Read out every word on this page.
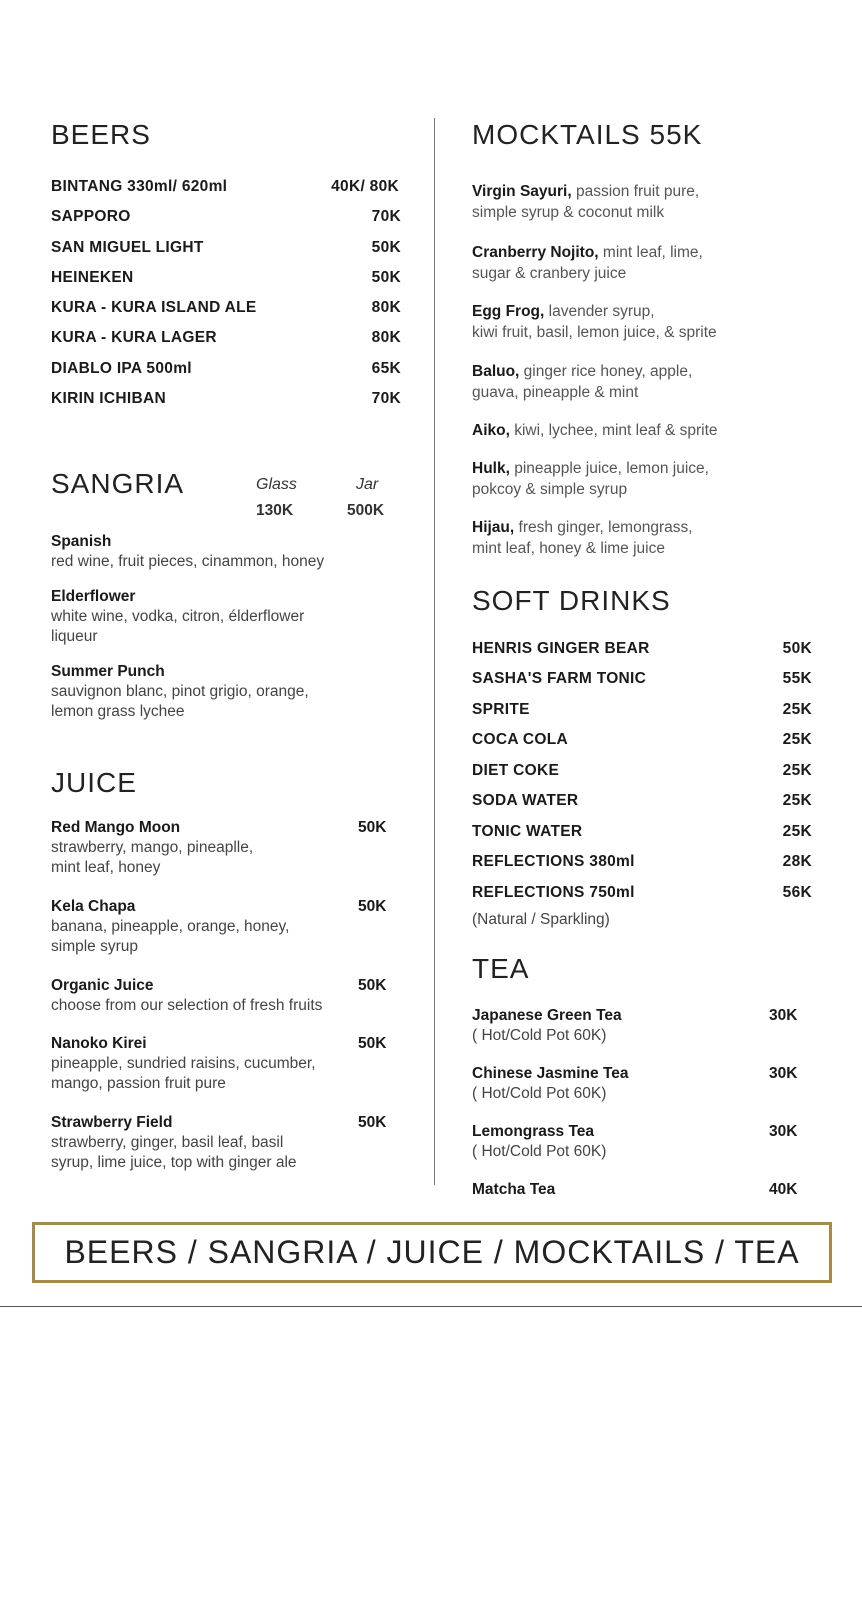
BEERS
BINTANG 330ml/ 620ml	40K/ 80K
SAPPORO	70K
SAN MIGUEL LIGHT	50K
HEINEKEN	50K
KURA - KURA ISLAND ALE	80K
KURA - KURA LAGER	80K
DIABLO IPA 500ml	65K
KIRIN ICHIBAN	70K
SANGRIA	Glass	Jar
130K	500K
Spanish
red wine, fruit pieces, cinammon, honey
Elderflower
white wine, vodka, citron, élderflower
liqueur
Summer Punch
sauvignon blanc, pinot grigio, orange,
lemon grass lychee
JUICE
Red Mango Moon	50K
strawberry, mango, pineaplle,
mint leaf, honey
Kela Chapa	50K
banana, pineapple, orange, honey,
simple syrup
Organic Juice	50K
choose from our selection of fresh fruits
Nanoko Kirei	50K
pineapple, sundried raisins, cucumber,
mango, passion fruit pure
Strawberry Field	50K
strawberry, ginger, basil leaf, basil
syrup, lime juice, top with ginger ale
MOCKTAILS 55K
Virgin Sayuri, passion fruit pure,
simple syrup & coconut milk
Cranberry Nojito, mint leaf, lime,
sugar & cranbery juice
Egg Frog, lavender syrup,
kiwi fruit, basil, lemon juice, & sprite
Baluo, ginger rice honey, apple,
guava, pineapple & mint
Aiko, kiwi, lychee, mint leaf & sprite
Hulk, pineapple juice, lemon juice,
pokcoy & simple syrup
Hijau, fresh ginger, lemongrass,
mint leaf, honey & lime juice
SOFT DRINKS
HENRIS GINGER BEAR	50K
SASHA'S FARM TONIC	55K
SPRITE	25K
COCA COLA	25K
DIET COKE	25K
SODA WATER	25K
TONIC WATER	25K
REFLECTIONS 380ml	28K
REFLECTIONS 750ml	56K
(Natural / Sparkling)
TEA
Japanese Green Tea	30K
( Hot/Cold Pot 60K)
Chinese Jasmine Tea	30K
( Hot/Cold Pot 60K)
Lemongrass Tea	30K
( Hot/Cold Pot 60K)
Matcha Tea	40K
BEERS / SANGRIA / JUICE / MOCKTAILS / TEA
